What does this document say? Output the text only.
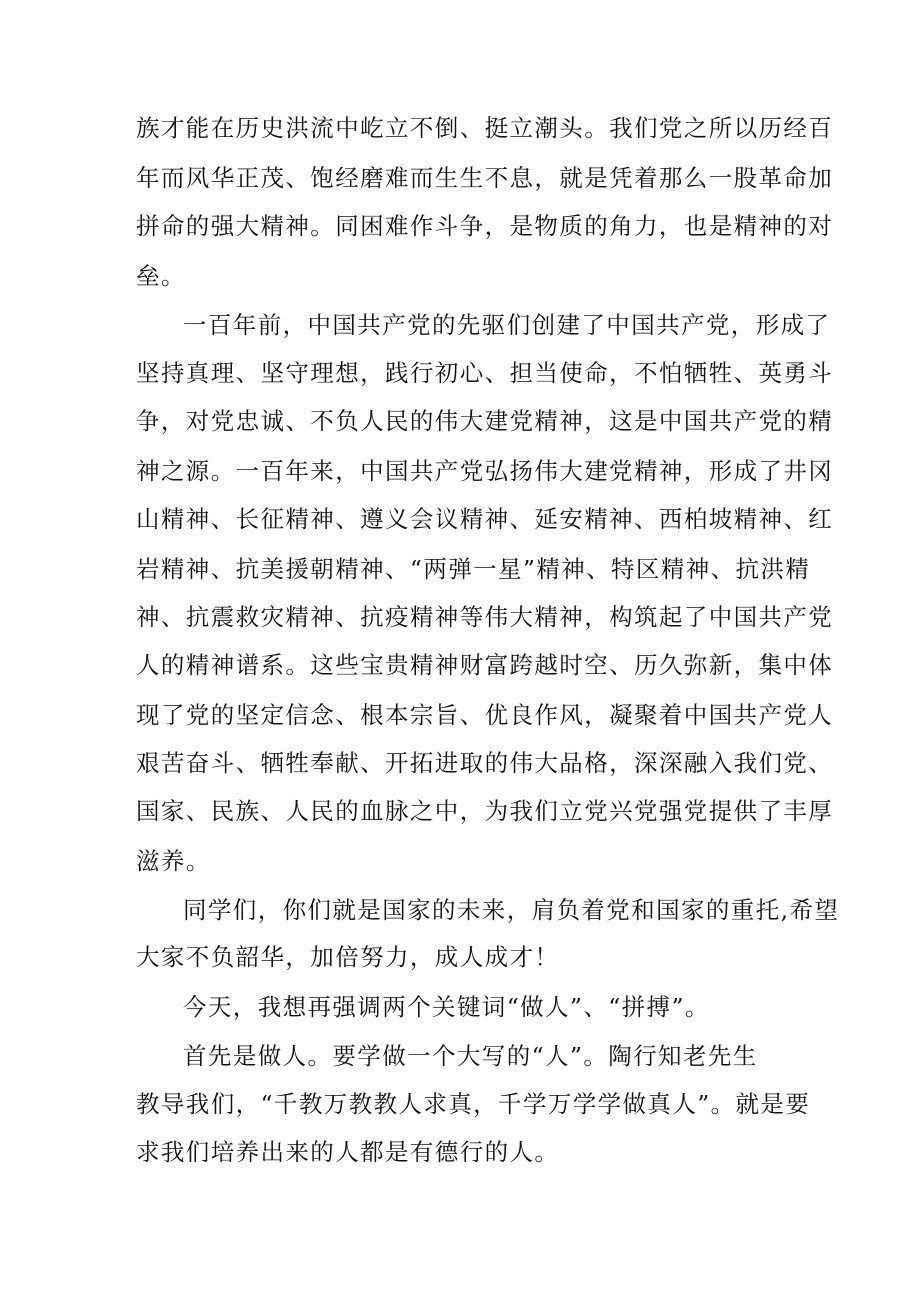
族才能在历史洪流中屹立不倒、挺立潮头。我们党之所以历经百

年而风华正茂、饱经磨难而生生不息，就是凭着那么一股革命加

拼命的强大精神。同困难作斗争，是物质的角力，也是精神的对

垒。

一百年前，中国共产党的先驱们创建了中国共产党，形成了

坚持真理、坚守理想，践行初心、担当使命，不怕牺牲、英勇斗

争，对党忠诚、不负人民的伟大建党精神，这是中国共产党的精

神之源。一百年来，中国共产党弘扬伟大建党精神，形成了井冈

山精神、长征精神、遵义会议精神、延安精神、西柏坡精神、红

岩精神、抗美援朝精神、“两弹一星”精神、特区精神、抗洪精

神、抗震救灾精神、抗疫精神等伟大精神，构筑起了中国共产党

人的精神谱系。这些宝贵精神财富跨越时空、历久弥新，集中体

现了党的坚定信念、根本宗旨、优良作风，凝聚着中国共产党人

艰苦奋斗、牺牲奉献、开拓进取的伟大品格，深深融入我们党、

国家、民族、人民的血脉之中，为我们立党兴党强党提供了丰厚

滋养。

同学们，你们就是国家的未来，肩负着党和国家的重托,希望

大家不负韶华，加倍努力，成人成才！

今天，我想再强调两个关键词“做人”、“拼搏”。

首先是做人。要学做一个大写的“人”。陶行知老先生

教导我们，“千教万教教人求真，千学万学学做真人”。就是要

求我们培养出来的人都是有德行的人。
